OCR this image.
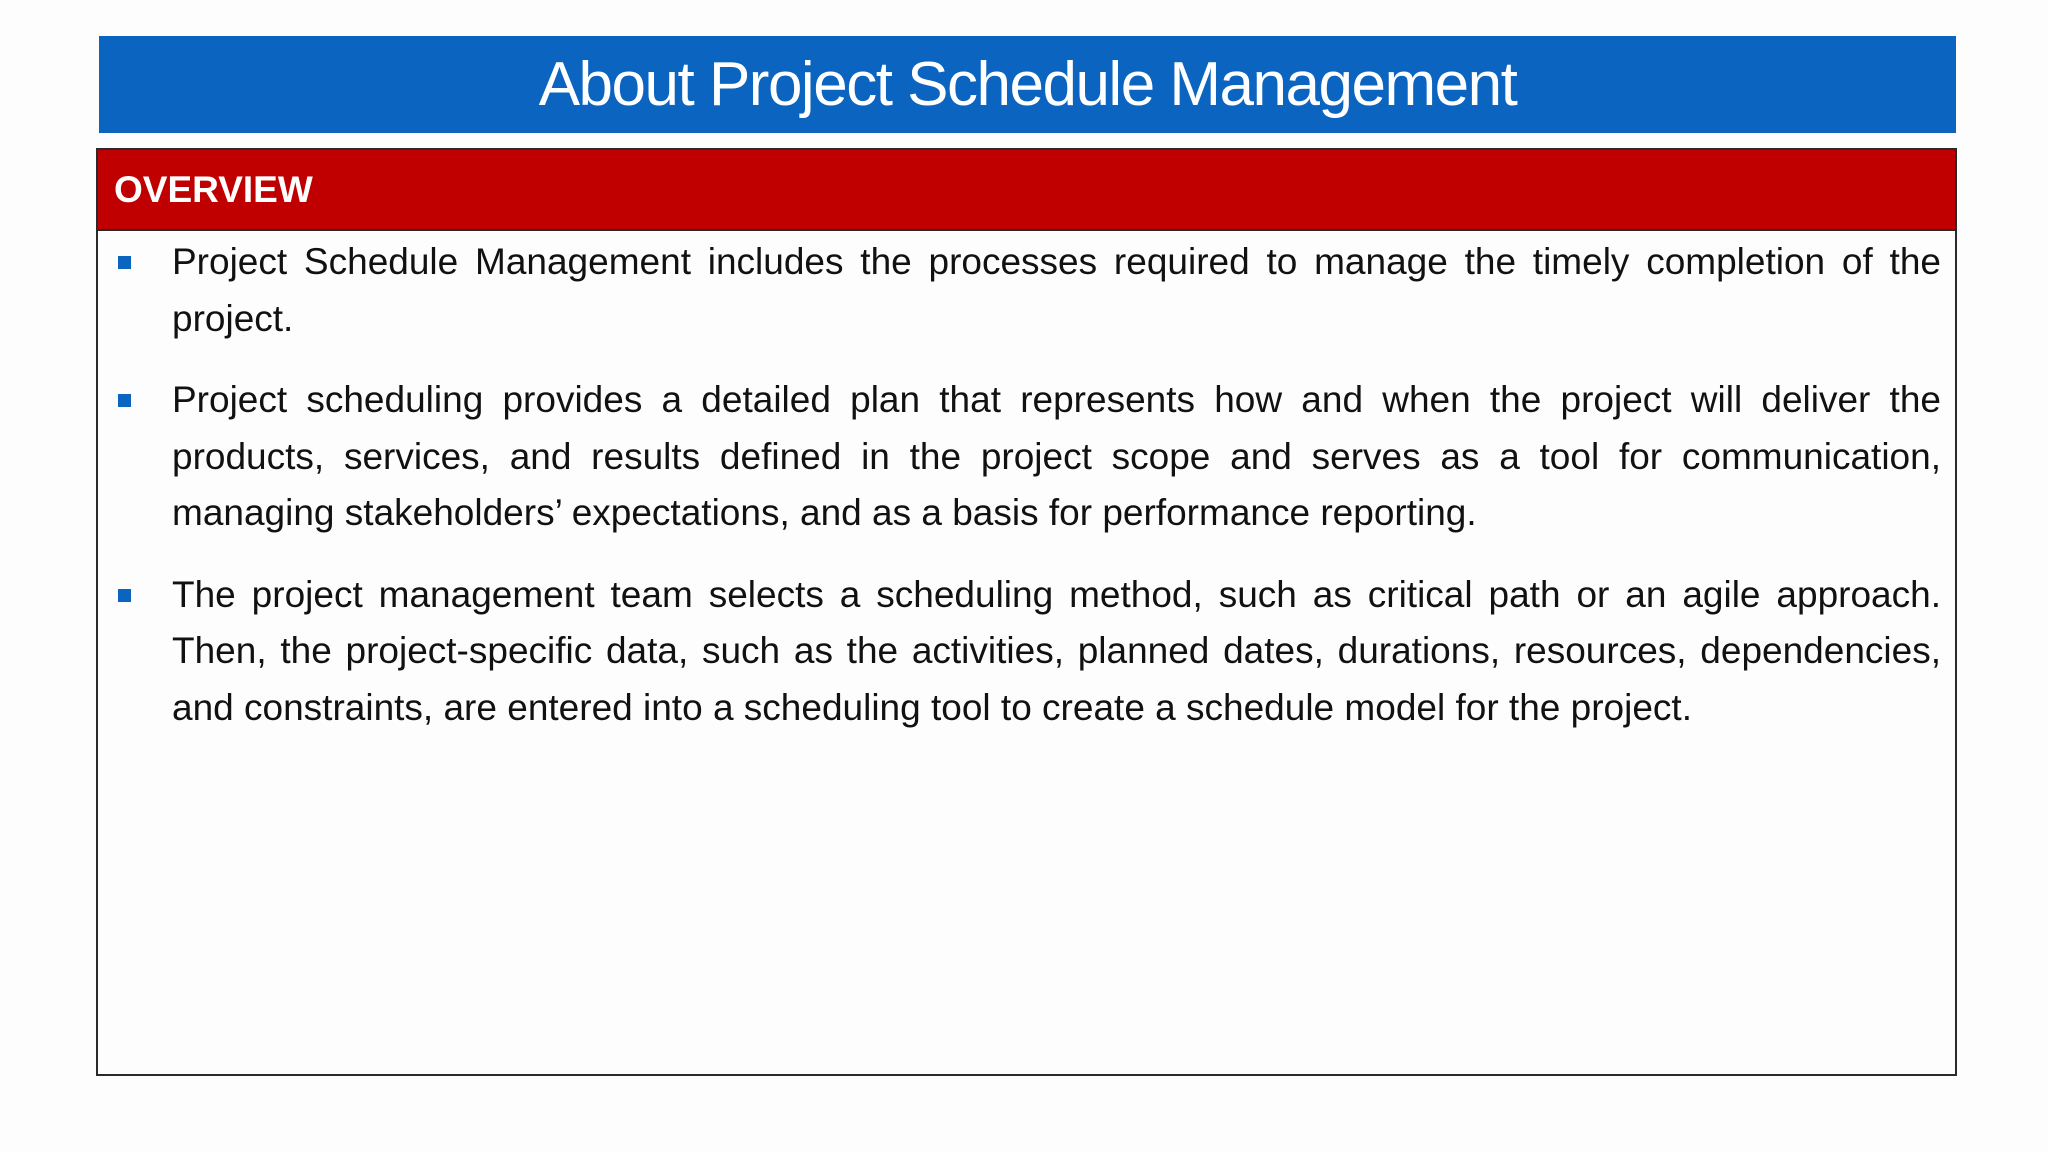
About Project Schedule Management
OVERVIEW
Project Schedule Management includes the processes required to manage the timely completion of the project.
Project scheduling provides a detailed plan that represents how and when the project will deliver the products, services, and results defined in the project scope and serves as a tool for communication, managing stakeholders’ expectations, and as a basis for performance reporting.
The project management team selects a scheduling method, such as critical path or an agile approach. Then, the project-specific data, such as the activities, planned dates, durations, resources, dependencies, and constraints, are entered into a scheduling tool to create a schedule model for the project.
